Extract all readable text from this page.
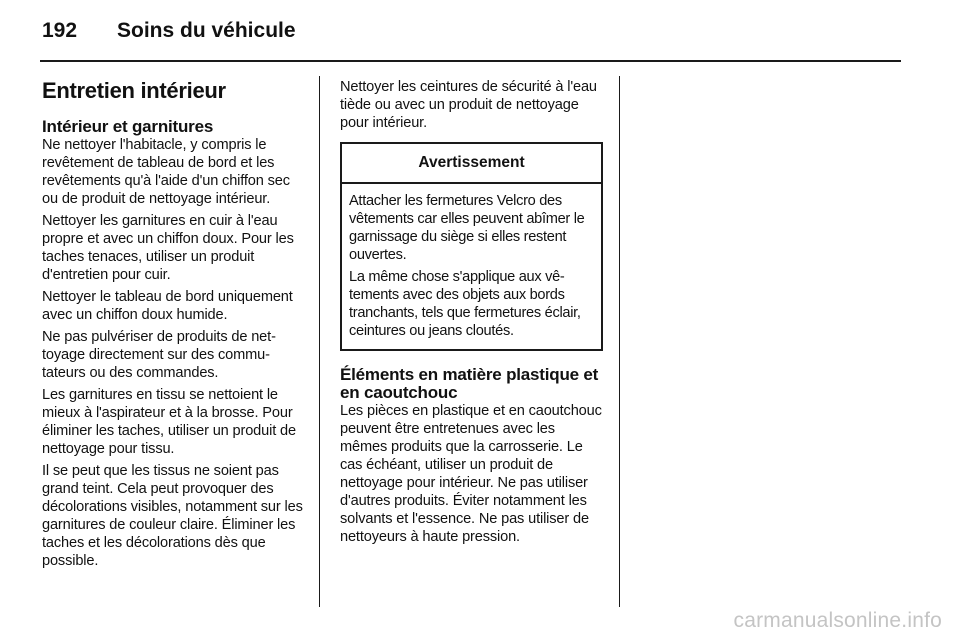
192 Soins du véhicule
Entretien intérieur
Intérieur et garnitures

Ne nettoyer l'habitacle, y compris le revêtement de tableau de bord et les revêtements qu'à l'aide d'un chiffon sec ou de produit de nettoyage intérieur.

Nettoyer les garnitures en cuir à l'eau propre et avec un chiffon doux. Pour les taches tenaces, utiliser un produit d'entretien pour cuir.

Nettoyer le tableau de bord uniquement avec un chiffon doux humide.

Ne pas pulvériser de produits de nettoyage directement sur des commutateurs ou des commandes.

Les garnitures en tissu se nettoient le mieux à l'aspirateur et à la brosse. Pour éliminer les taches, utiliser un produit de nettoyage pour tissu.

Il se peut que les tissus ne soient pas grand teint. Cela peut provoquer des décolorations visibles, notamment sur les garnitures de couleur claire. Éliminer les taches et les décolorations dès que possible.

Nettoyer les ceintures de sécurité à l'eau tiède ou avec un produit de nettoyage pour intérieur.

Avertissement

Attacher les fermetures Velcro des vêtements car elles peuvent abîmer le garnissage du siège si elles restent ouvertes.

La même chose s'applique aux vêtements avec des objets aux bords tranchants, tels que fermetures éclair, ceintures ou jeans cloutés.

Éléments en matière plastique et en caoutchouc

Les pièces en plastique et en caoutchouc peuvent être entretenues avec les mêmes produits que la carrosserie. Le cas échéant, utiliser un produit de nettoyage pour intérieur. Ne pas utiliser d'autres produits. Éviter notamment les solvants et l'essence. Ne pas utiliser de nettoyeurs à haute pression.

carmanualsonline.info
